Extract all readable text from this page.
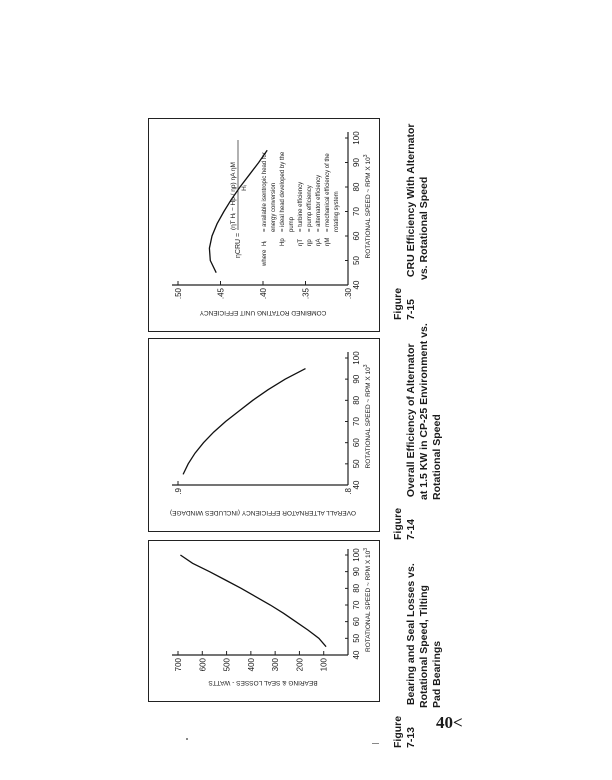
40
50
60
70
80
90
100
100
200
300
400
500
600
700
ROTATIONAL SPEED ~ RPM X $10^3$
BEARING & SEAL LOSSES - WATTS
Figure 7-13 Bearing and Seal Losses vs.
Rotational Speed, Tilting
Pad Bearings
40
50
60
70
80
90
100
.8
.9
ROTATIONAL SPEED ~ RPM X $10^3$
OVERALL ALTERNATOR EFFICIENCY (INCLUDES WINDAGE)	Figure 7-14 Overall Efficiency of Alternator
at 1.5 KW in CP-25 Environment vs.
Rotational Speed
40
50
60
70
80
90
100
.30
.35
.40
.45
.50
ROTATIONAL SPEED ~ RPM X $10^3$
COMBINED ROTATING UNIT EFFICIENCY
ηCRU =
(ηT Hᵢ − Hp / ηp) ηA ηM Hᵢ
where
Hᵢ
= available isentropic head for energy conversion
Hp
= ideal head developed by the pump
ηT
= turbine efficiency
ηp
= pump efficiency
ηA
= alternator efficiency
ηM
= mechanical efficiency of the rotating system
Figure 7-15 CRU Efficiency With Alternator
vs. Rotational Speed
40<
